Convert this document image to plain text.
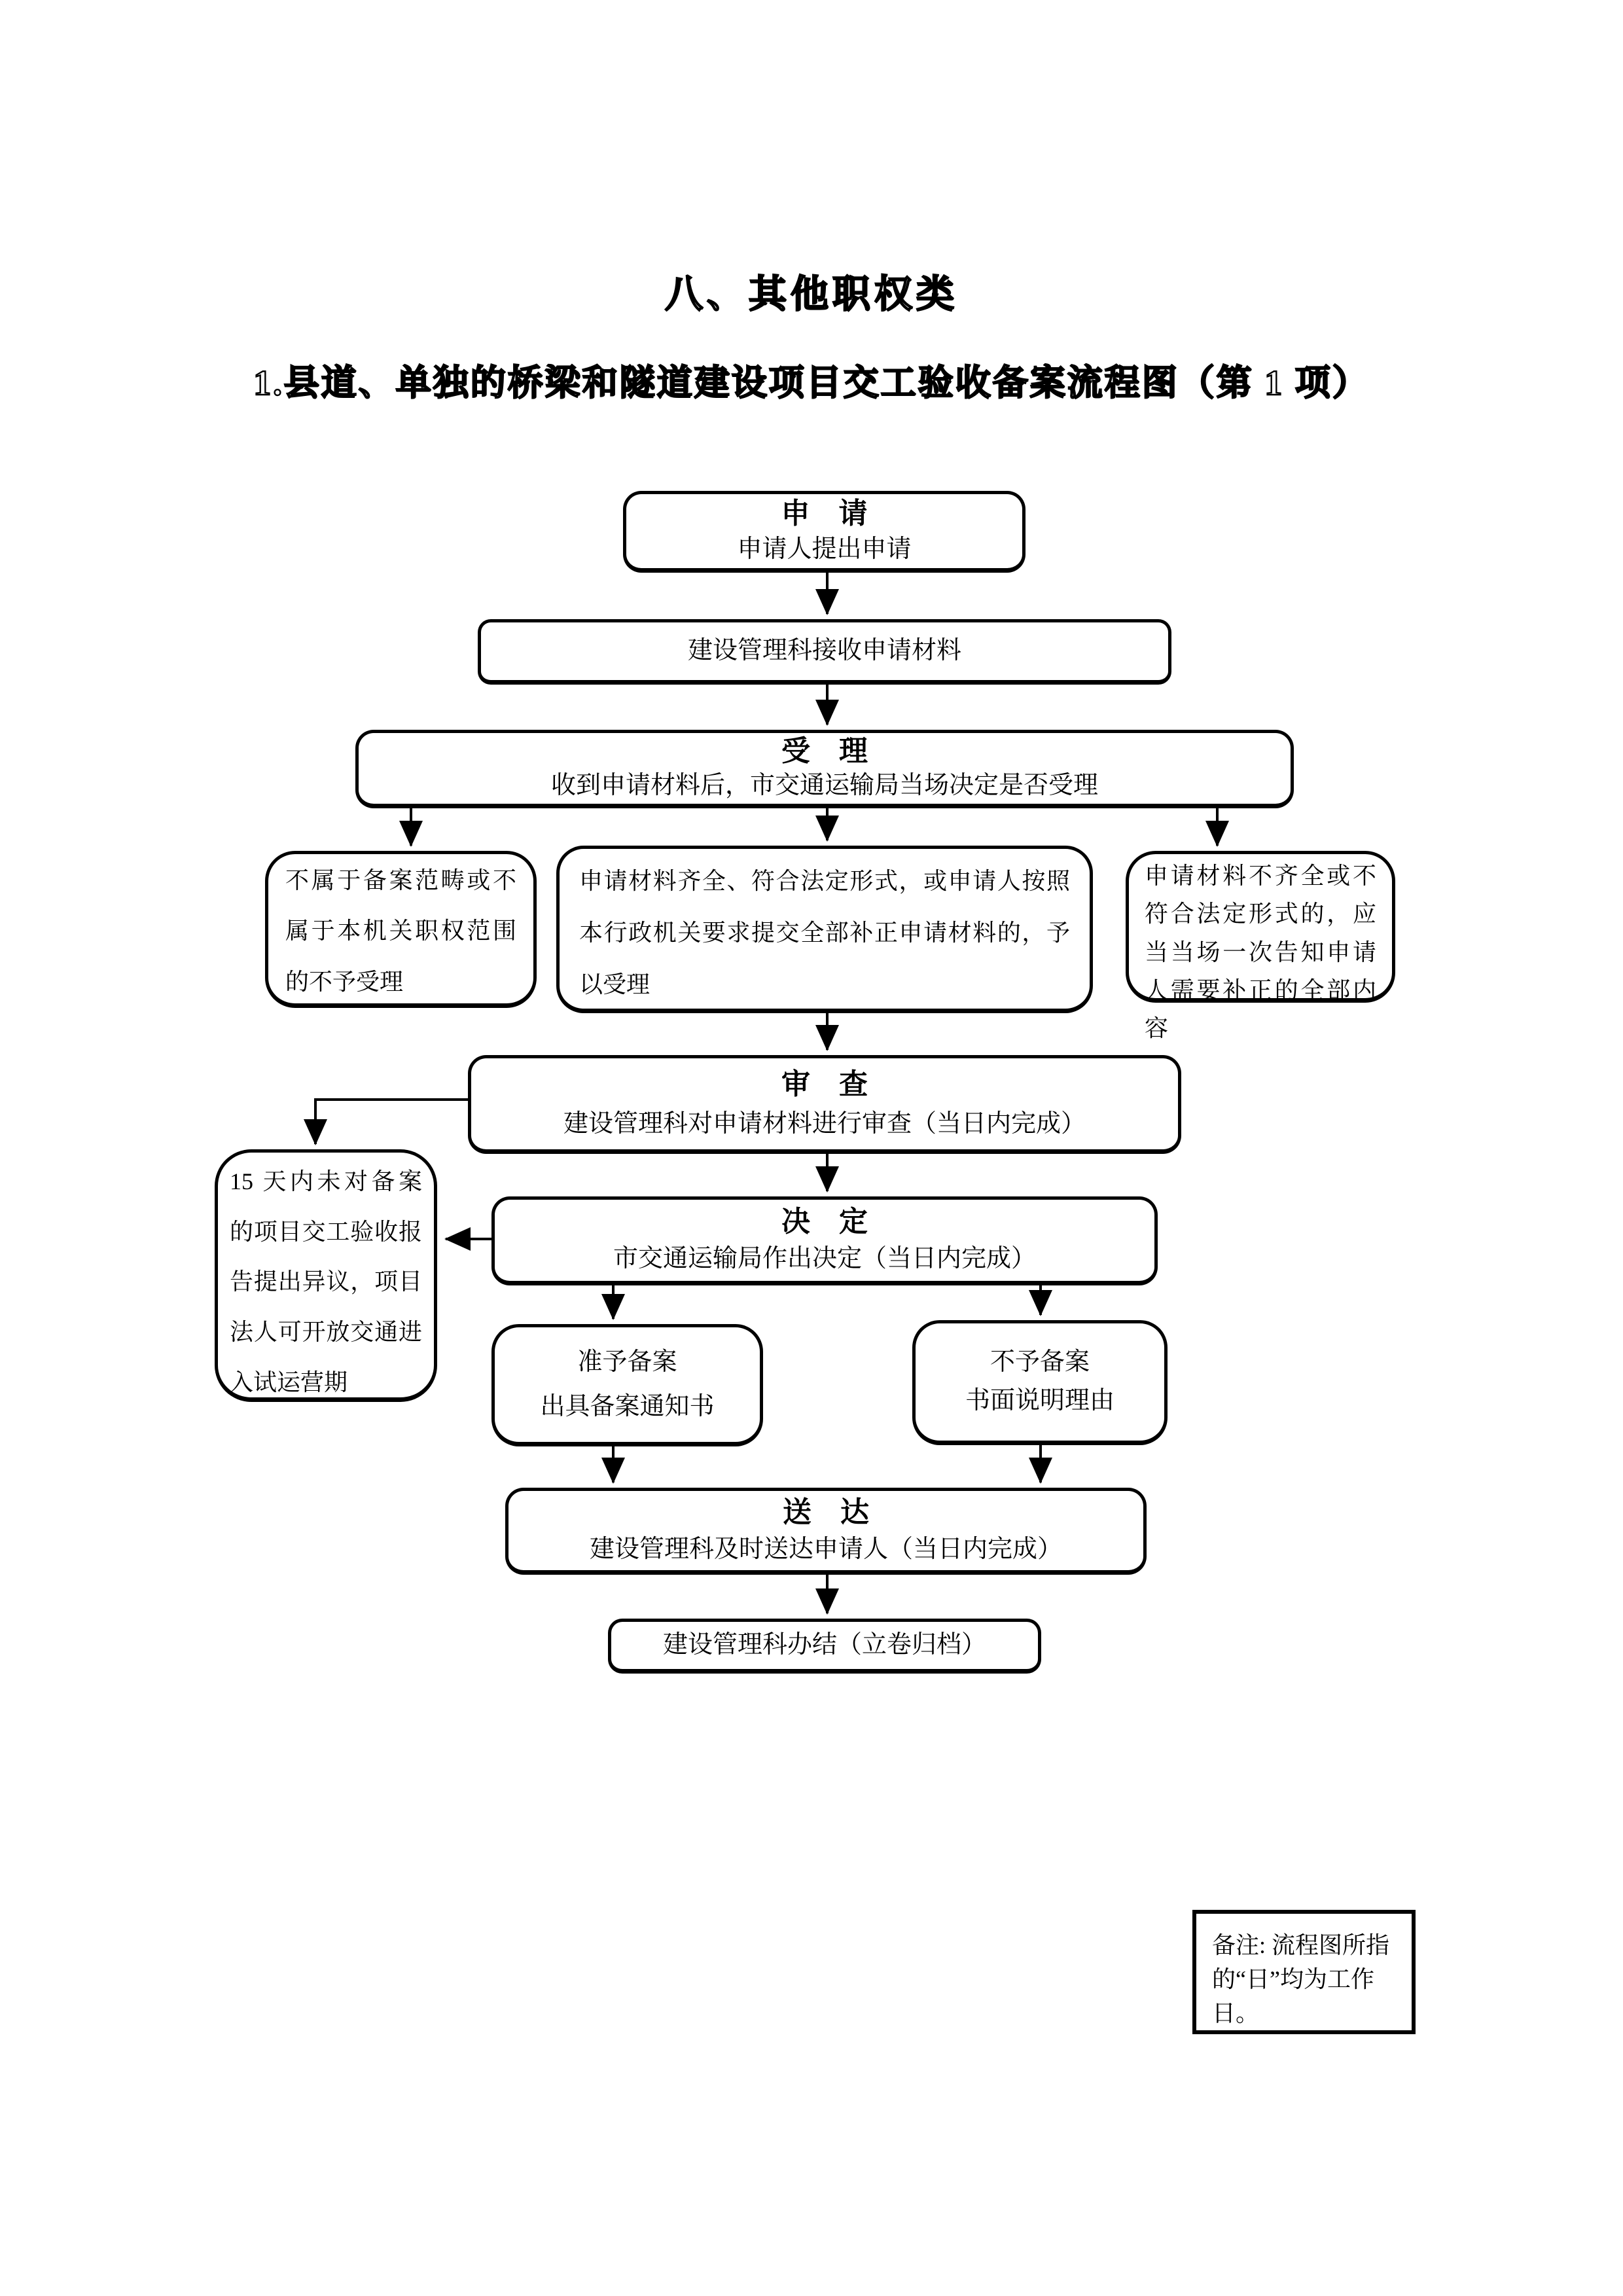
八、其他职权类
1.县道、单独的桥梁和隧道建设项目交工验收备案流程图（第 1 项）
申　请
申请人提出申请
建设管理科接收申请材料
受　理
收到申请材料后，市交通运输局当场决定是否受理
不属于备案范畴或不属于本机关职权范围的不予受理
申请材料齐全、符合法定形式，或申请人按照本行政机关要求提交全部补正申请材料的，予以受理
申请材料不齐全或不符合法定形式的，应当当场一次告知申请人需要补正的全部内容
审　查
建设管理科对申请材料进行审查（当日内完成）
15 天内未对备案的项目交工验收报告提出异议，项目法人可开放交通进入试运营期
决　定
市交通运输局作出决定（当日内完成）
准予备案
出具备案通知书
不予备案
书面说明理由
送　达
建设管理科及时送达申请人（当日内完成）
建设管理科办结（立卷归档）
备注: 流程图所指的“日”均为工作日。
